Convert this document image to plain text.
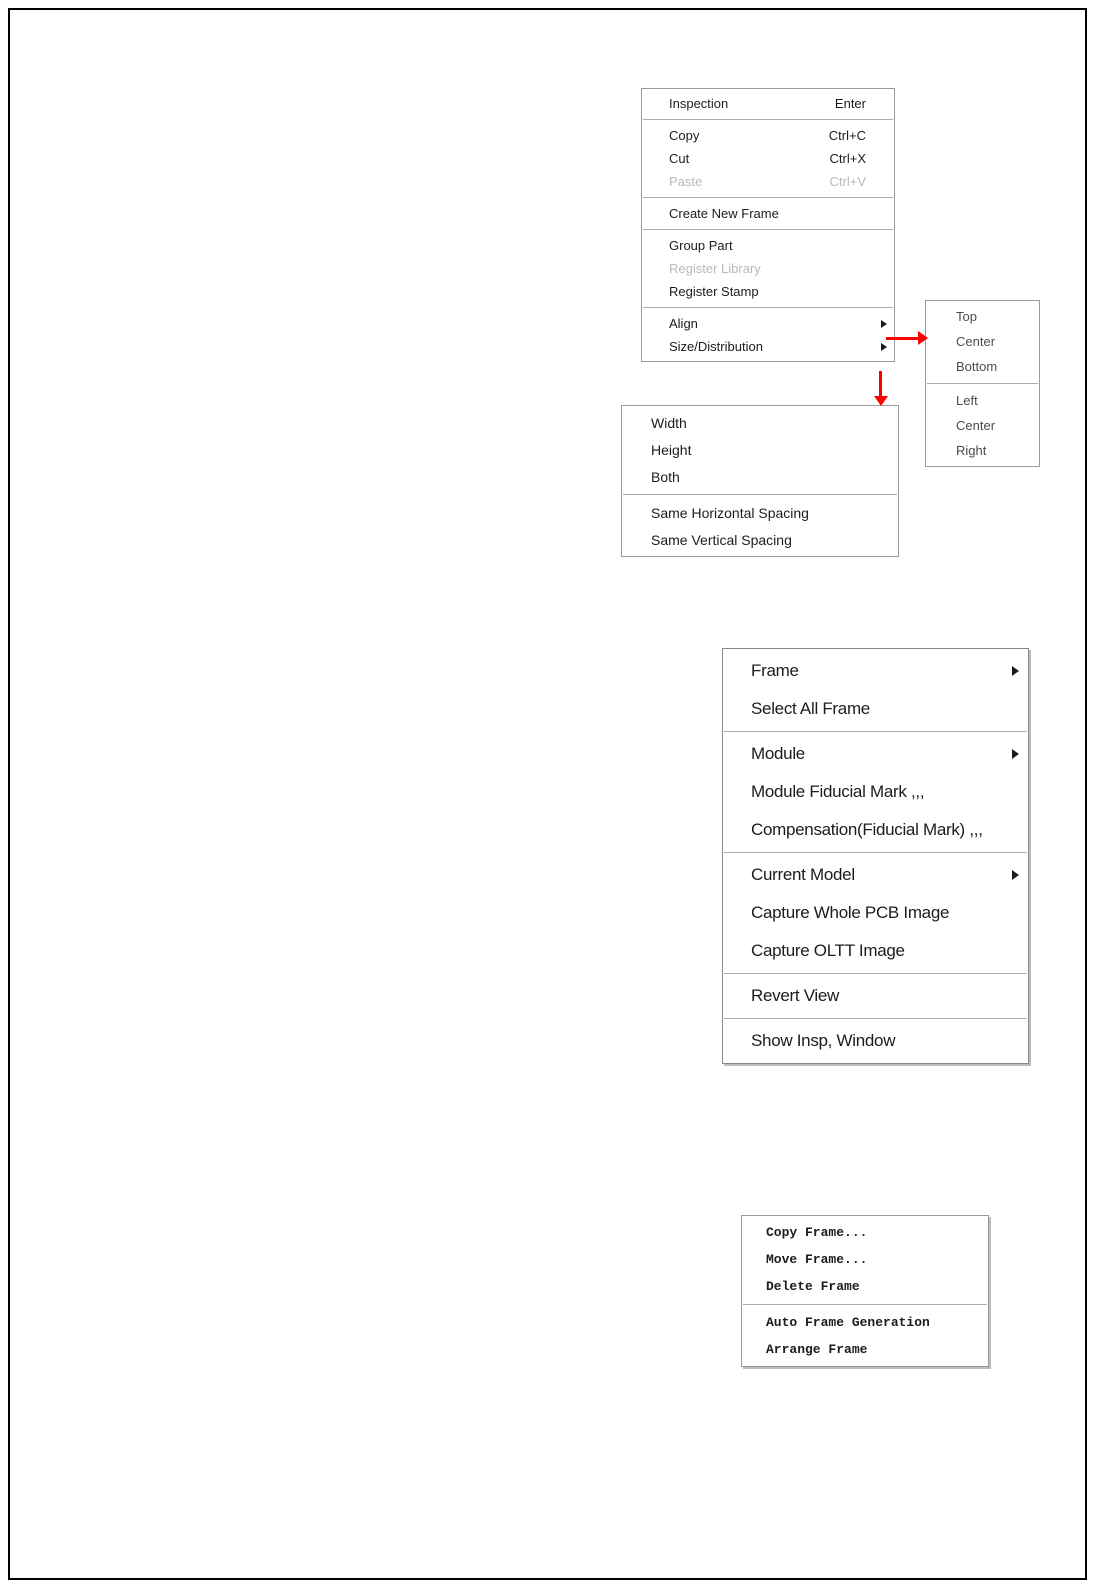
Inspection	Enter
Copy	Ctrl+C
Cut	Ctrl+X
Paste	Ctrl+V
Create New Frame
Group Part
Register Library
Register Stamp
Align
Size/Distribution
Top
Center
Bottom
Left
Center
Right
Width
Height
Both
Same Horizontal Spacing
Same Vertical Spacing
Frame
Select All Frame
Module
Module Fiducial Mark ,,,
Compensation(Fiducial Mark) ,,,
Current Model
Capture Whole PCB Image
Capture OLTT Image
Revert View
Show Insp, Window
Copy Frame...
Move Frame...
Delete Frame
Auto Frame Generation
Arrange Frame
